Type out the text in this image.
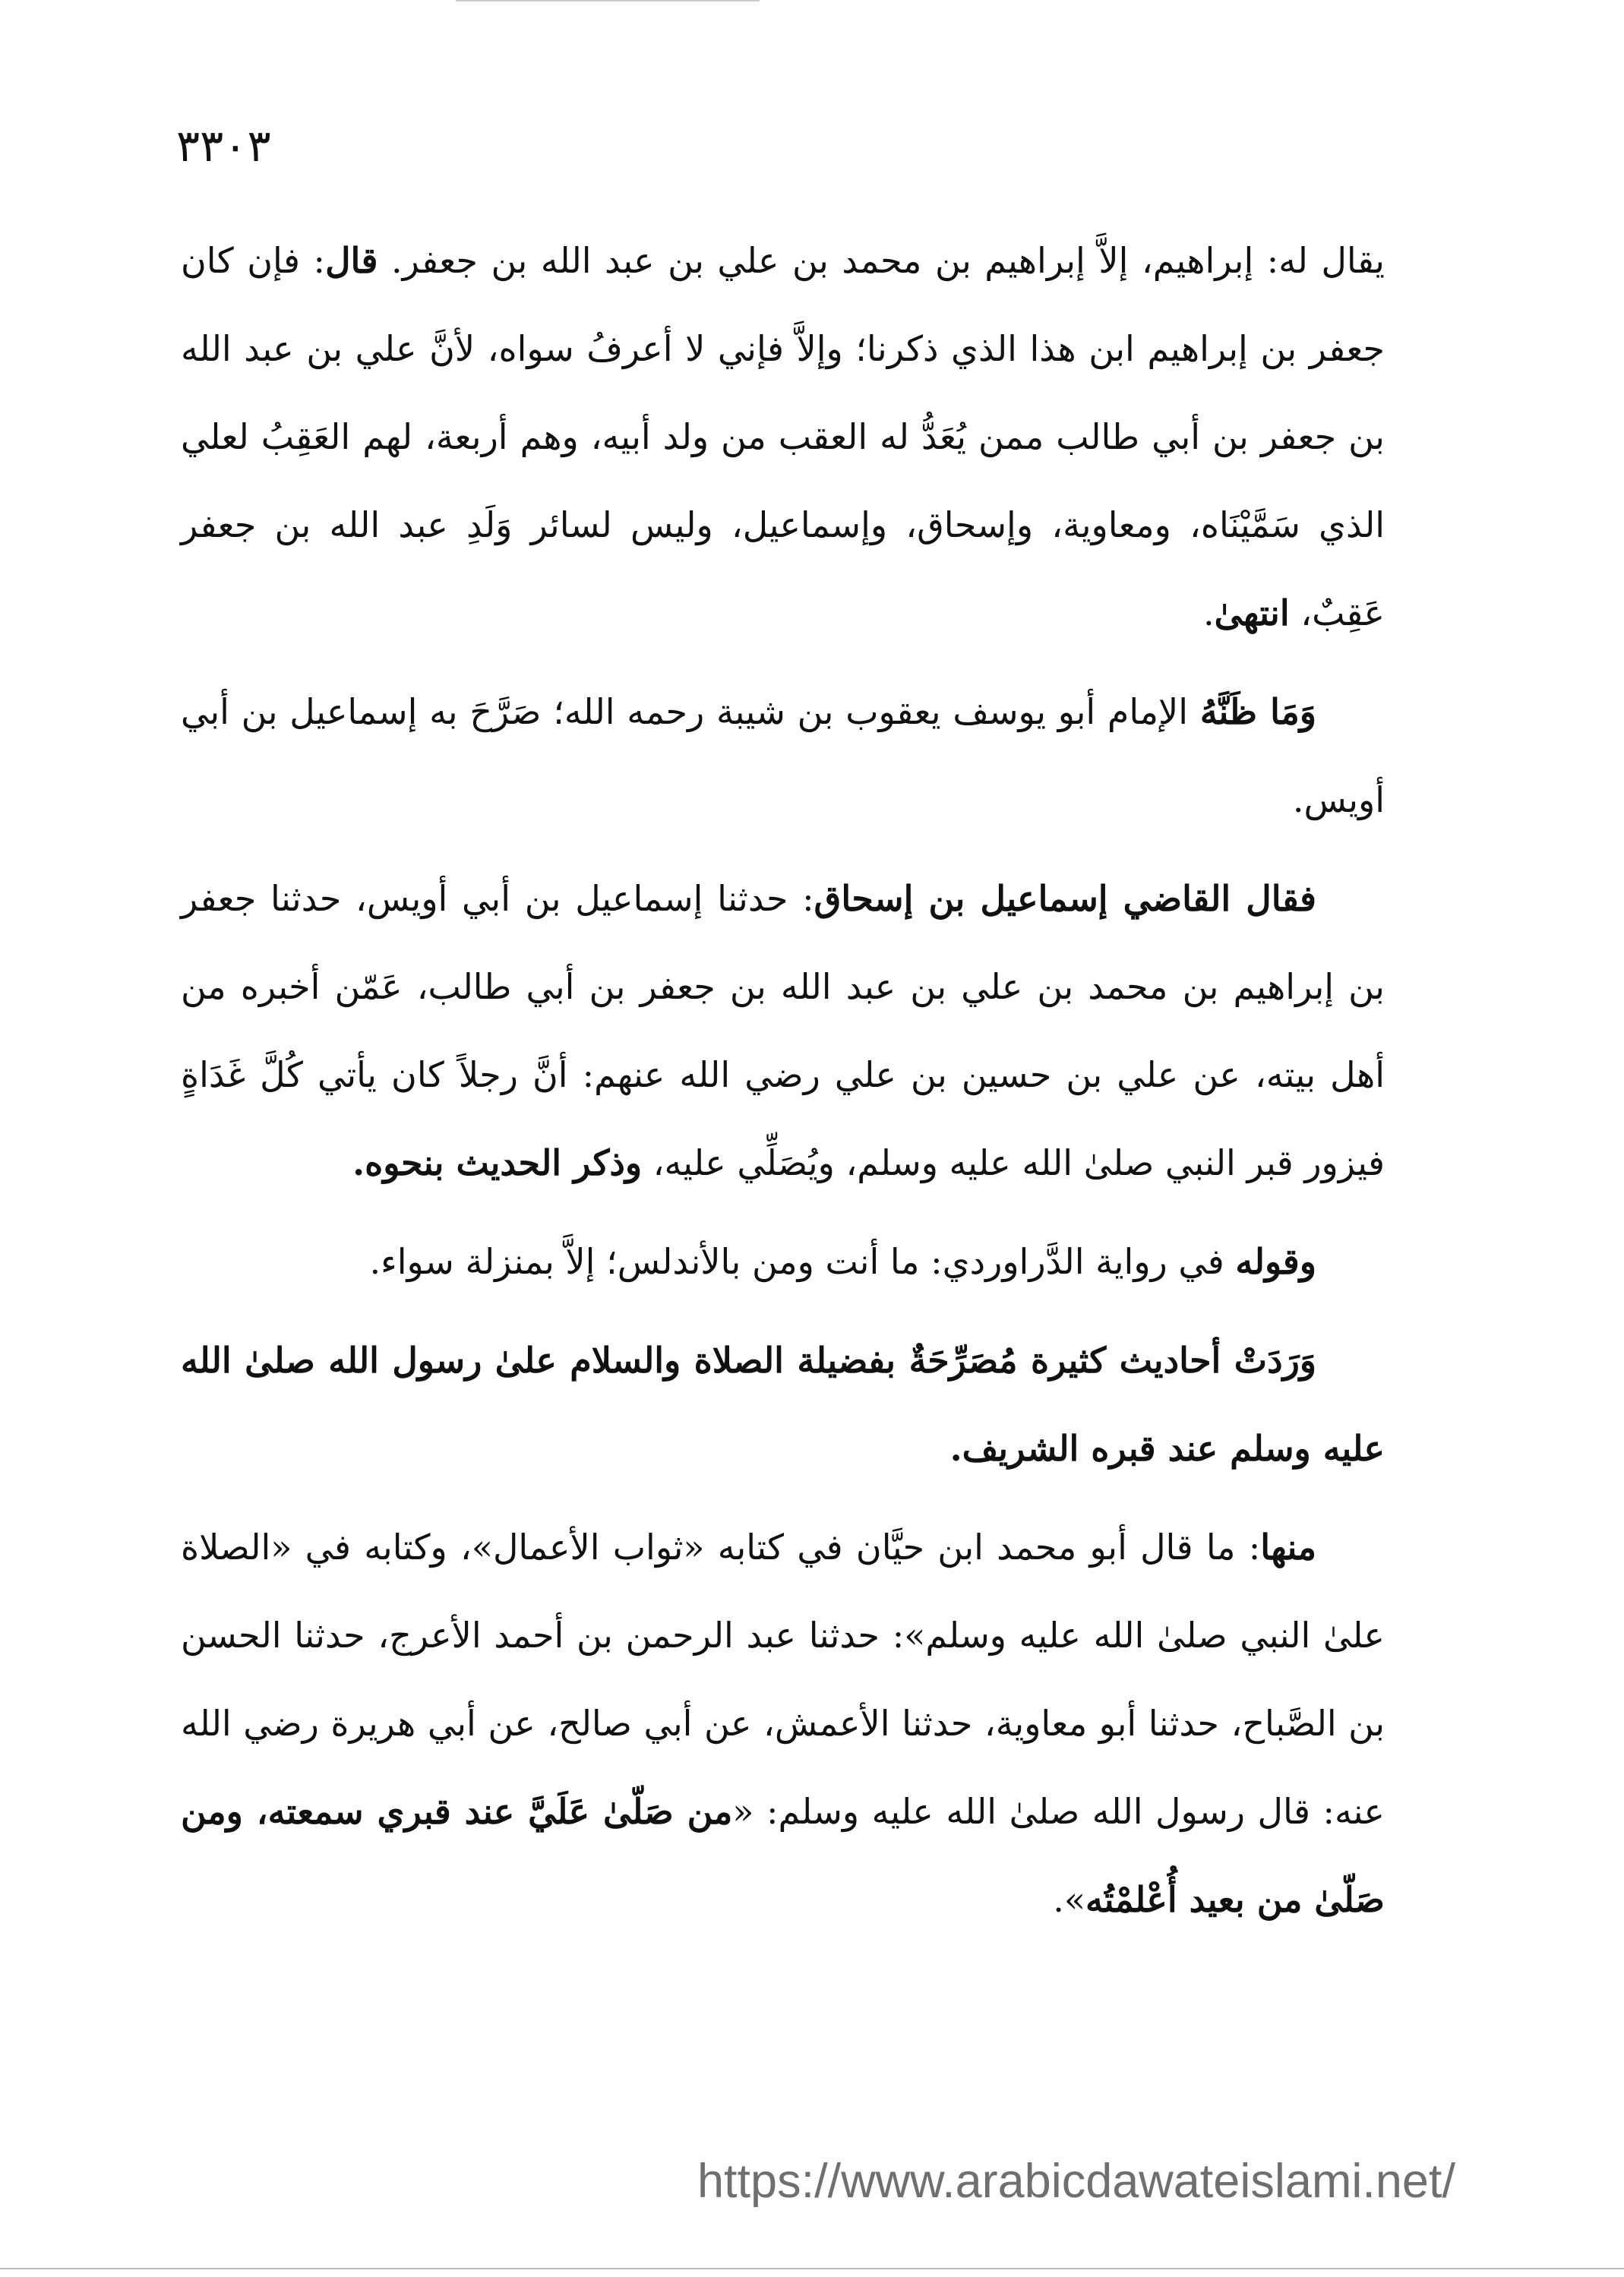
٣٣٠٣

يقال له: إبراهيم، إلاَّ إبراهيم بن محمد بن علي بن عبد الله بن جعفر. قال: فإن كان جعفر بن إبراهيم ابن هذا الذي ذكرنا؛ وإلاَّ فإني لا أعرفُ سواه، لأنَّ علي بن عبد الله بن جعفر بن أبي طالب ممن يُعَدُّ له العقب من ولد أبيه، وهم أربعة، لهم العَقِبُ لعلي الذي سَمَّيْنَاه، ومعاوية، وإسحاق، وإسماعيل، وليس لسائر وَلَدِ عبد الله بن جعفر عَقِبٌ، انتهىٰ.

وَمَا ظَنَّهُ الإمام أبو يوسف يعقوب بن شيبة رحمه الله؛ صَرَّحَ به إسماعيل بن أبي أويس.

فقال القاضي إسماعيل بن إسحاق: حدثنا إسماعيل بن أبي أويس، حدثنا جعفر بن إبراهيم بن محمد بن علي بن عبد الله بن جعفر بن أبي طالب، عَمّن أخبره من أهل بيته، عن علي بن حسين بن علي رضي الله عنهم: أنَّ رجلاً كان يأتي كُلَّ غَدَاةٍ فيزور قبر النبي صلىٰ الله عليه وسلم، ويُصَلِّي عليه، وذكر الحديث بنحوه.

وقوله في رواية الدَّراوردي: ما أنت ومن بالأندلس؛ إلاَّ بمنزلة سواء.

وَرَدَتْ أحاديث كثيرة مُصَرِّحَةٌ بفضيلة الصلاة والسلام علىٰ رسول الله صلىٰ الله عليه وسلم عند قبره الشريف.

منها: ما قال أبو محمد ابن حيَّان في كتابه «ثواب الأعمال»، وكتابه في «الصلاة علىٰ النبي صلىٰ الله عليه وسلم»: حدثنا عبد الرحمن بن أحمد الأعرج، حدثنا الحسن بن الصَّباح، حدثنا أبو معاوية، حدثنا الأعمش، عن أبي صالح، عن أبي هريرة رضي الله عنه: قال رسول الله صلىٰ الله عليه وسلم: «من صَلّىٰ عَلَيَّ عند قبري سمعته، ومن صَلّىٰ من بعيد أُعْلمْتُه».

https://www.arabicdawateislami.net/
